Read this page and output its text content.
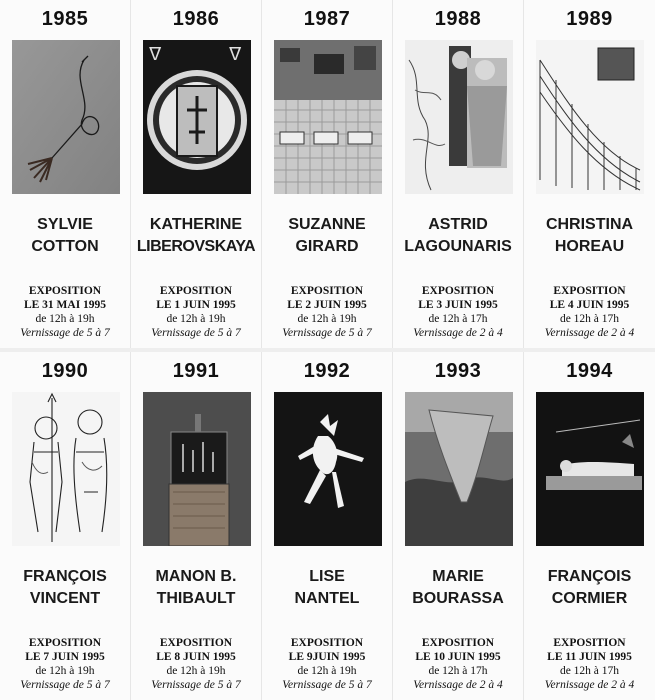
1985
SYLVIE
COTTON
EXPOSITION
LE 31 MAI 1995
de 12h à 19h
Vernissage de 5 à 7
1986
ᐁ	ᐁ
KATHERINE
LIBEROVSKAYA
EXPOSITION
LE 1 JUIN 1995
de 12h à 19h
Vernissage de 5 à 7
1987
SUZANNE
GIRARD
EXPOSITION
LE 2 JUIN 1995
de 12h à 19h
Vernissage de 5 à 7
1988
ASTRID
LAGOUNARIS
EXPOSITION
LE 3 JUIN 1995
de 12h à 17h
Vernissage de 2 à 4
1989
CHRISTINA
HOREAU
EXPOSITION
LE 4 JUIN 1995
de 12h à 17h
Vernissage de 2 à 4
1990
FRANÇOIS
VINCENT
EXPOSITION
LE 7 JUIN 1995
de 12h à 19h
Vernissage de 5 à 7
1991
MANON B.
THIBAULT
EXPOSITION
LE 8 JUIN 1995
de 12h à 19h
Vernissage de 5 à 7
1992
LISE
NANTEL
EXPOSITION
LE 9JUIN 1995
de 12h à 19h
Vernissage de 5 à 7
1993
MARIE
BOURASSA
EXPOSITION
LE 10 JUIN 1995
de 12h à 17h
Vernissage de 2 à 4
1994
FRANÇOIS
CORMIER
EXPOSITION
LE 11 JUIN 1995
de 12h à 17h
Vernissage de 2 à 4
